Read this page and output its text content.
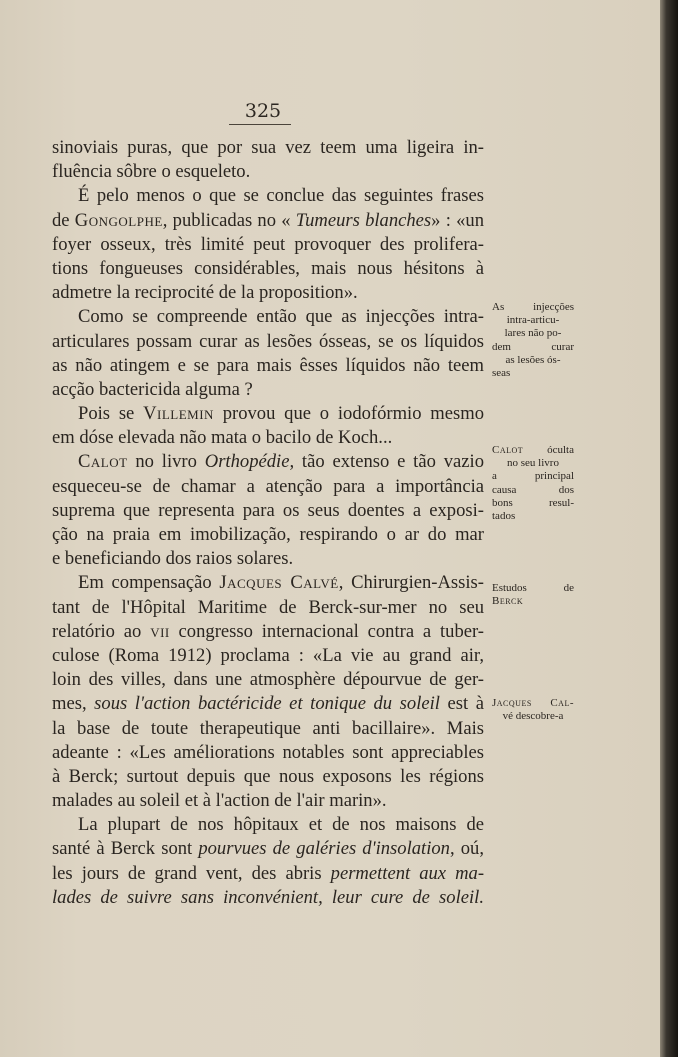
325
sinoviais puras, que por sua vez teem uma ligeira in-
fluência sôbre o esqueleto.
É pelo menos o que se conclue das seguintes frases
de Gongolphe, publicadas no « Tumeurs blanches» : «un
foyer osseux, très limité peut provoquer des prolifera-
tions fongueuses considérables, mais nous hésitons à
admetre la reciprocité de la proposition».
Como se compreende então que as injecções intra-
articulares possam curar as lesões ósseas, se os líquidos
as não atingem e se para mais êsses líquidos não teem
acção bactericida alguma ?
Pois se Villemin provou que o iodofórmio mesmo
em dóse elevada não mata o bacilo de Koch...
Calot no livro Orthopédie, tão extenso e tão vazio
esqueceu-se de chamar a atenção para a importância
suprema que representa para os seus doentes a exposi-
ção na praia em imobilização, respirando o ar do mar
e beneficiando dos raios solares.
Em compensação Jacques Calvé, Chirurgien-Assis-
tant de l'Hôpital Maritime de Berck-sur-mer no seu
relatório ao vii congresso internacional contra a tuber-
culose (Roma 1912) proclama : «La vie au grand air,
loin des villes, dans une atmosphère dépourvue de ger-
mes, sous l'action bactéricide et tonique du soleil est à
la base de toute therapeutique anti bacillaire». Mais
adeante : «Les améliorations notables sont appreciables
à Berck; surtout depuis que nous exposons les régions
malades au soleil et à l'action de l'air marin».
La plupart de nos hôpitaux et de nos maisons de
santé à Berck sont pourvues de galéries d'insolation, oú,
les jours de grand vent, des abris permettent aux ma-
lades de suivre sans inconvénient, leur cure de soleil.
As injecções
intra-articu-
lares não po-
dem curar
as lesões ós-
seas
Calot óculta
no seu livro
a principal
causa dos
bons resul-
tados
Estudos de
Berck
Jacques Cal-
vé descobre-a
